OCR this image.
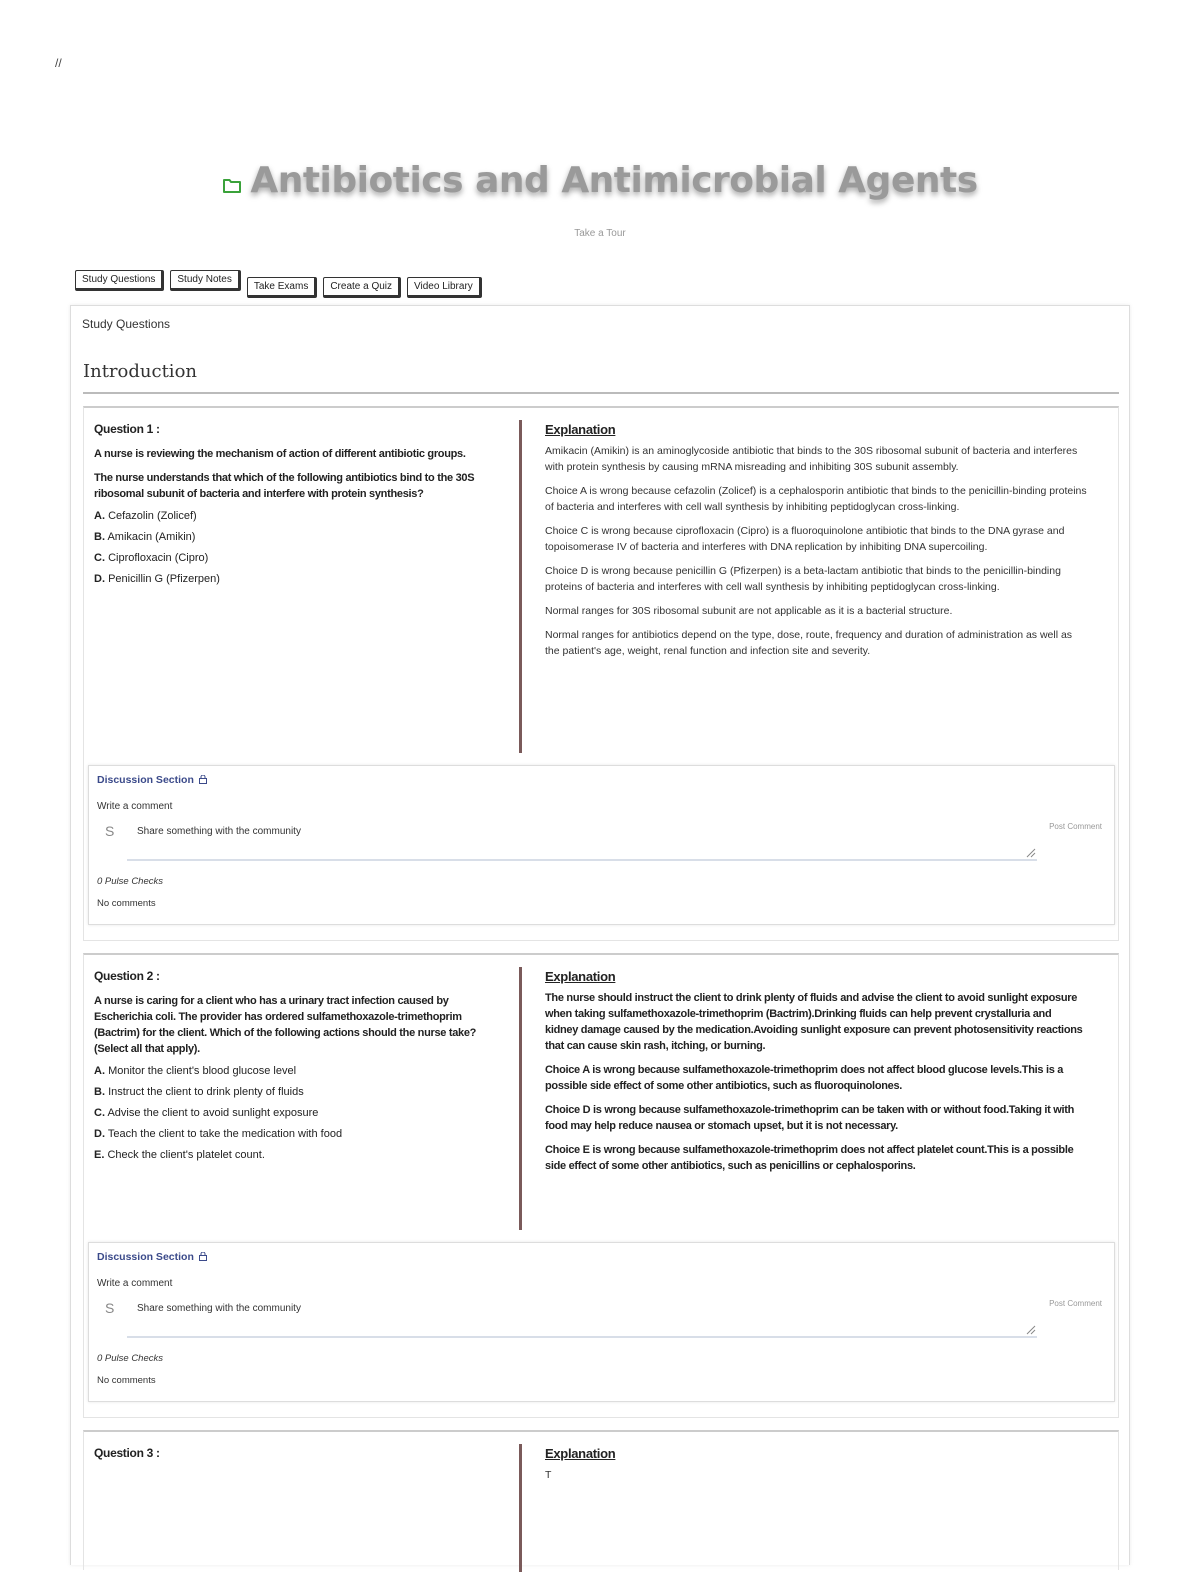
//
Antibiotics and Antimicrobial Agents
Take a Tour
Study Questions	Study Notes
Take Exams	Create a Quiz	Video Library
Study Questions
Introduction
Question 1 :
A nurse is reviewing the mechanism of action of different antibiotic groups.
The nurse understands that which of the following antibiotics bind to the 30S ribosomal subunit of bacteria and interfere with protein synthesis?
A. Cefazolin (Zolicef)
B. Amikacin (Amikin)
C. Ciprofloxacin (Cipro)
D. Penicillin G (Pfizerpen)
Explanation

Amikacin (Amikin) is an aminoglycoside antibiotic that binds to the 30S ribosomal subunit of bacteria and interferes with protein synthesis by causing mRNA misreading and inhibiting 30S subunit assembly.

Choice A is wrong because cefazolin (Zolicef) is a cephalosporin antibiotic that binds to the penicillin-binding proteins of bacteria and interferes with cell wall synthesis by inhibiting peptidoglycan cross-linking.

Choice C is wrong because ciprofloxacin (Cipro) is a fluoroquinolone antibiotic that binds to the DNA gyrase and topoisomerase IV of bacteria and interferes with DNA replication by inhibiting DNA supercoiling.

Choice D is wrong because penicillin G (Pfizerpen) is a beta-lactam antibiotic that binds to the penicillin-binding proteins of bacteria and interferes with cell wall synthesis by inhibiting peptidoglycan cross-linking.

Normal ranges for 30S ribosomal subunit are not applicable as it is a bacterial structure.

Normal ranges for antibiotics depend on the type, dose, route, frequency and duration of administration as well as the patient's age, weight, renal function and infection site and severity.

Discussion Section
Write a comment
S Share something with the community	Post Comment
0 Pulse Checks
No comments
Question 2 :
A nurse is caring for a client who has a urinary tract infection caused by Escherichia coli. The provider has ordered sulfamethoxazole-trimethoprim (Bactrim) for the client. Which of the following actions should the nurse take? (Select all that apply).
A. Monitor the client's blood glucose level
B. Instruct the client to drink plenty of fluids
C. Advise the client to avoid sunlight exposure
D. Teach the client to take the medication with food
E. Check the client's platelet count.
Explanation

The nurse should instruct the client to drink plenty of fluids and advise the client to avoid sunlight exposure when taking sulfamethoxazole-trimethoprim (Bactrim).Drinking fluids can help prevent crystalluria and kidney damage caused by the medication.Avoiding sunlight exposure can prevent photosensitivity reactions that can cause skin rash, itching, or burning.

Choice A is wrong because sulfamethoxazole-trimethoprim does not affect blood glucose levels.This is a possible side effect of some other antibiotics, such as fluoroquinolones.

Choice D is wrong because sulfamethoxazole-trimethoprim can be taken with or without food.Taking it with food may help reduce nausea or stomach upset, but it is not necessary.

Choice E is wrong because sulfamethoxazole-trimethoprim does not affect platelet count.This is a possible side effect of some other antibiotics, such as penicillins or cephalosporins.

Discussion Section
Write a comment
S Share something with the community	Post Comment
0 Pulse Checks
No comments
Question 3 :	Explanation

T
